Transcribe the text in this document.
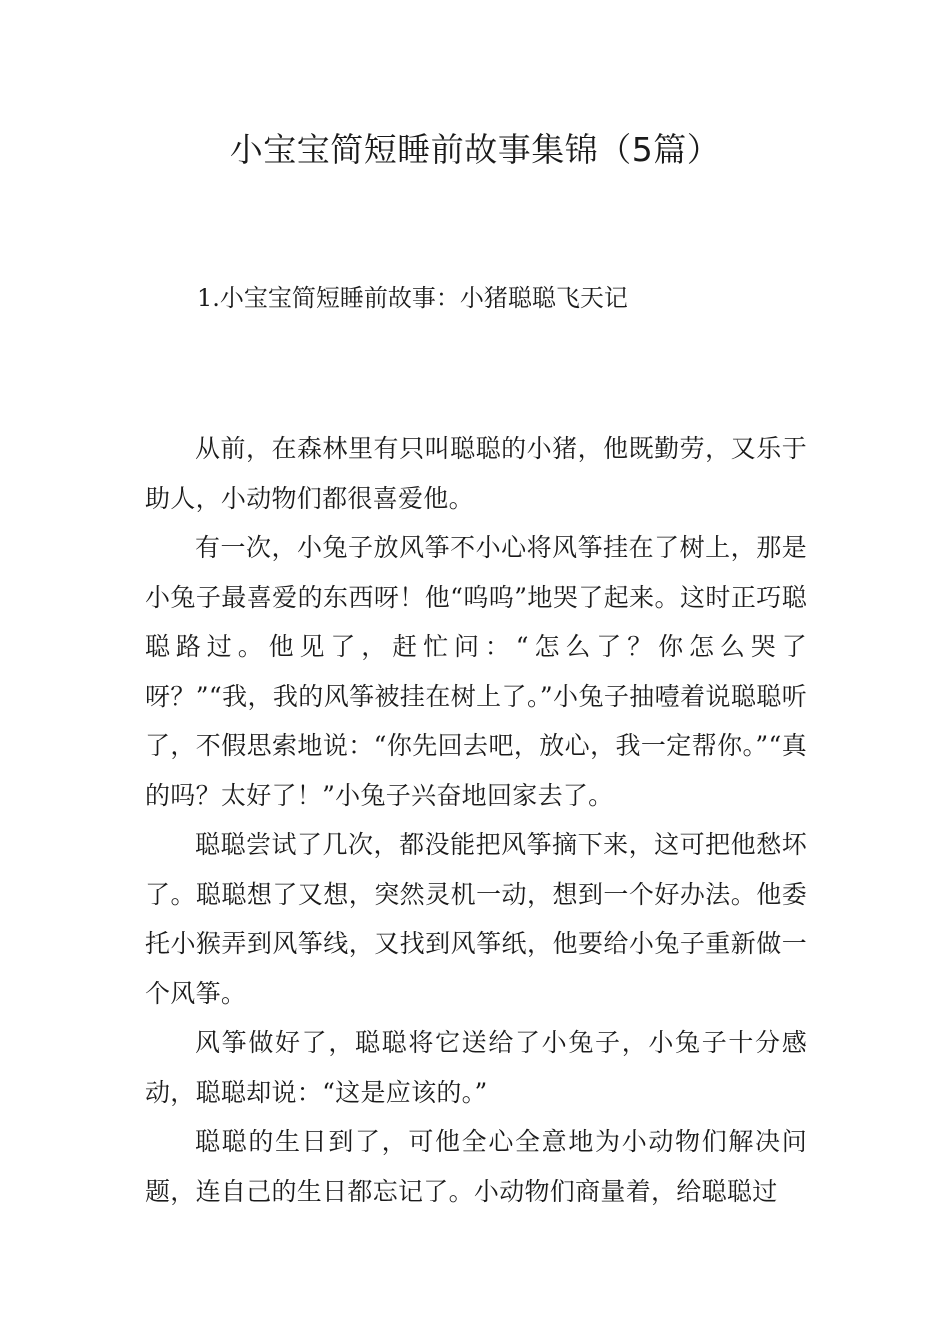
小宝宝简短睡前故事集锦（5篇）
1.小宝宝简短睡前故事：小猪聪聪飞天记

从前，在森林里有只叫聪聪的小猪，他既勤劳，又乐于助人，小动物们都很喜爱他。

有一次，小兔子放风筝不小心将风筝挂在了树上，那是小兔子最喜爱的东西呀！他“呜呜”地哭了起来。这时正巧聪聪路过。他见了，赶忙问：“怎么了？你怎么哭了呀？”“我，我的风筝被挂在树上了。”小兔子抽噎着说聪聪听了，不假思索地说：“你先回去吧，放心，我一定帮你。”“真的吗？太好了！”小兔子兴奋地回家去了。

聪聪尝试了几次，都没能把风筝摘下来，这可把他愁坏了。聪聪想了又想，突然灵机一动，想到一个好办法。他委托小猴弄到风筝线，又找到风筝纸，他要给小兔子重新做一个风筝。

风筝做好了，聪聪将它送给了小兔子，小兔子十分感动，聪聪却说：“这是应该的。”

聪聪的生日到了，可他全心全意地为小动物们解决问题，连自己的生日都忘记了。小动物们商量着，给聪聪过
